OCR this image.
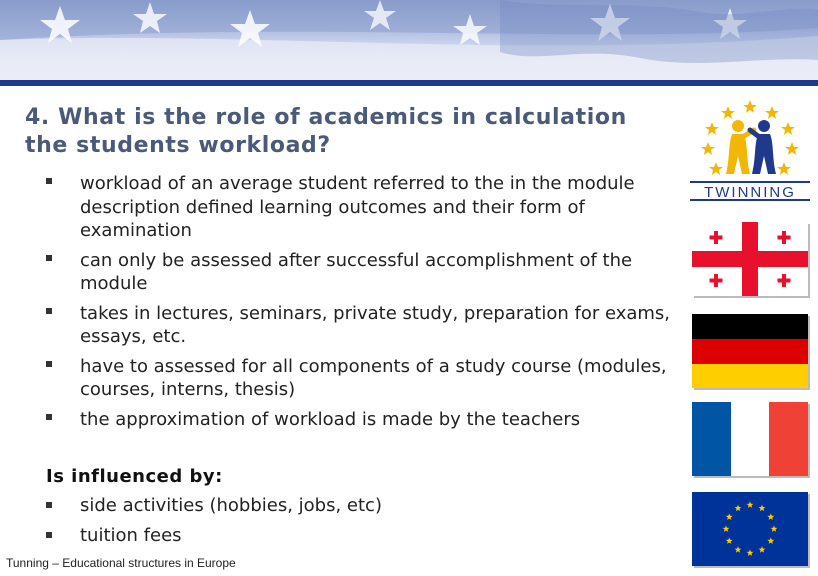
4. What is the role of academics in calculation the students workload?
workload of an average student referred to the in the module description defined learning outcomes and their form of examination
can only be assessed after successful accomplishment of the module
takes in lectures, seminars, private study, preparation for exams, essays, etc.
have to assessed for all components of a study course (modules, courses, interns, thesis)
the approximation of workload is made by the teachers
Is influenced by:
side activities (hobbies, jobs, etc)
tuition fees
Tunning – Educational structures in Europe
TWINNING
